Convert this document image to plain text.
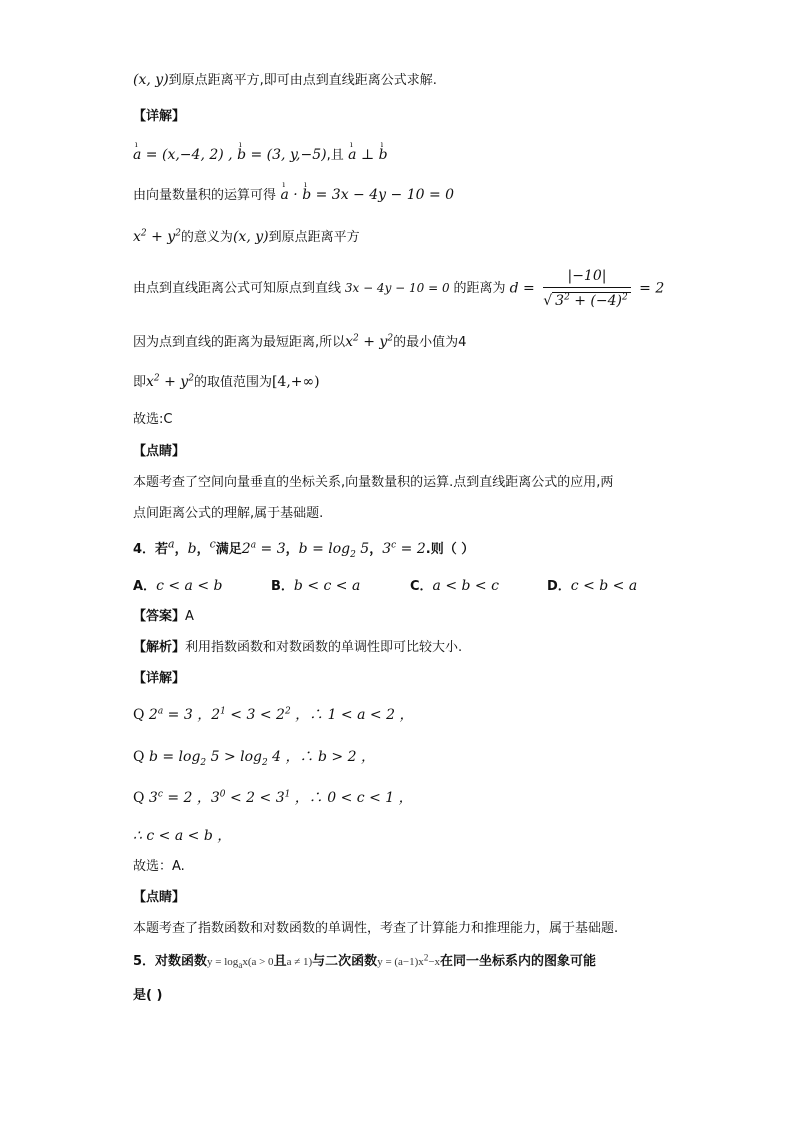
(x, y)到原点距离平方,即可由点到直线距离公式求解.
【详解】
ı a = (x,−4, 2) , ı b = (3, y,−5),且 ı a ⊥ ı b
由向量数量积的运算可得 ı a · ı b = 3x − 4y − 10 = 0
$x^2 + y^2$的意义为(x, y)到原点距离平方
由点到直线距离公式可知原点到直线 3x − 4y − 10 = 0 的距离为 $d = \frac{|-10|}{√ 3^2 + (-4)^2} = 2$
因为点到直线的距离为最短距离,所以$x^2 + y^2$的最小值为4
即$x^2 + y^2$的取值范围为[4,+∞)
故选:C
【点睛】
本题考查了空间向量垂直的坐标关系,向量数量积的运算.点到直线距离公式的应用,两
点间距离公式的理解,属于基础题.
4．若$^a$，b，$^c$满足$2^a = 3$，$b = \log_2 5$，$3^c = 2$.则（ ）
A．c < a < b	B．b < c < a	C．a < b < c	D．c < b < a
【答案】A
【解析】利用指数函数和对数函数的单调性即可比较大小.
【详解】
Q $2^a = 3$ ，$2^1 < 3 < 2^2$ ，∴ 1 < a < 2 ，
Q $b = \log_2 5 > \log_2 4$ ，∴ b > 2 ，
Q $3^c = 2$ ，$3^0 < 2 < 3^1$ ，∴ 0 < c < 1 ，
∴ c < a < b ，
故选：A.
【点睛】
本题考查了指数函数和对数函数的单调性，考查了计算能力和推理能力，属于基础题.
5．对数函数$y = \log_ax(a > 0$且a ≠ 1)与二次函数$y = (a-1)x^2-x$在同一坐标系内的图象可能
是( )
